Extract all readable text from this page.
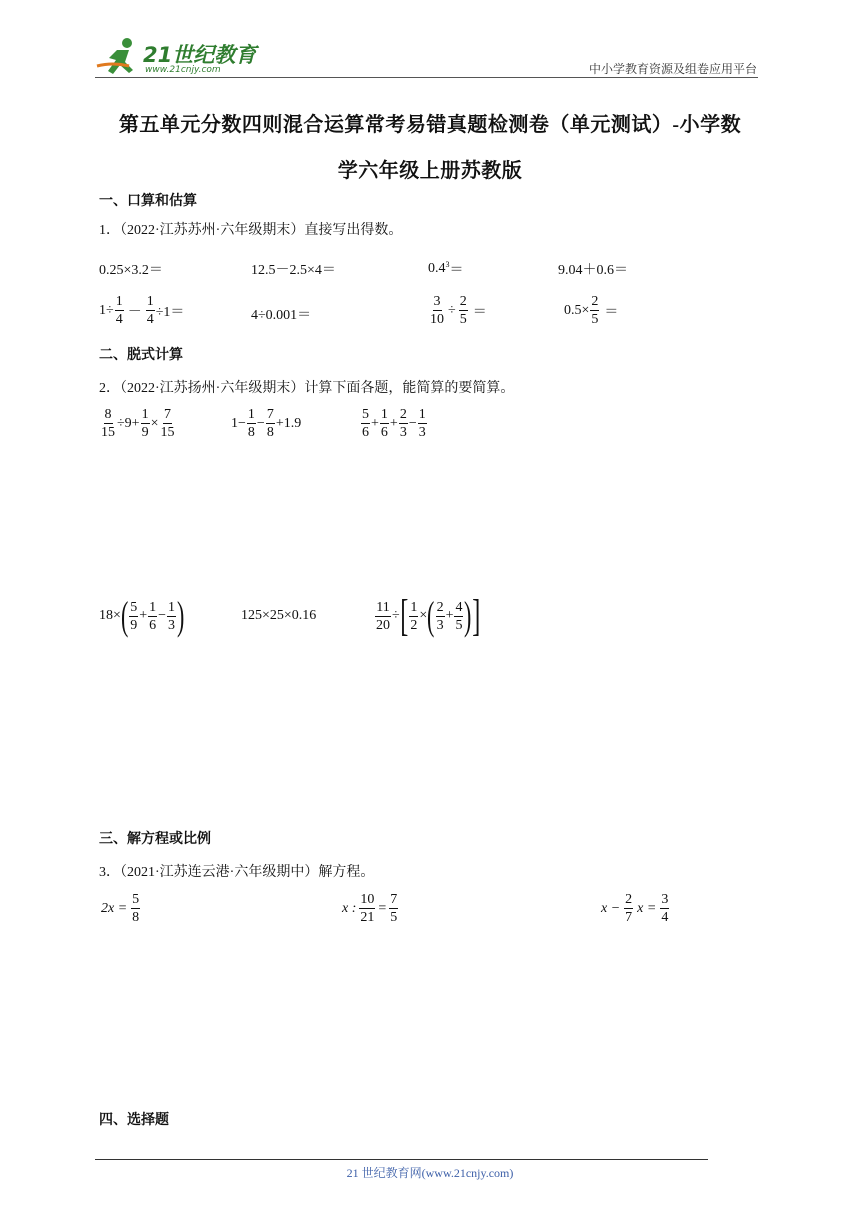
21世纪教育
www.21cnjy.com	中小学教育资源及组卷应用平台
第五单元分数四则混合运算常考易错真题检测卷（单元测试）-小学数
学六年级上册苏教版
一、口算和估算
1．（2022·江苏苏州·六年级期末）直接写出得数。
0.25×3.2＝	12.5－2.5×4＝	$0.4^3$ ＝	9.04＋0.6＝
$1\div \frac{1}{4} - \frac{1}{4} \div 1=$	4÷0.001＝	$\frac{3}{10} \div \frac{2}{5}$ ＝	$0.5\times \frac{2}{5}$ ＝
二、脱式计算
2．（2022·江苏扬州·六年级期末）计算下面各题，能简算的要简算。
$\frac{8}{15} \div 9+ \frac{1}{9} \times \frac{7}{15}$	$1- \frac{1}{8} - \frac{7}{8} +1.9$	$\frac{5}{6} + \frac{1}{6} + \frac{2}{3} - \frac{1}{3}$
18× ( $\frac{5}{9} + \frac{1}{6} - \frac{1}{3}$ )	125×25×0.16	$\frac{11}{20}$ ÷ [ $\frac{1}{2}$ × ( $\frac{2}{3} + \frac{4}{5}$ ) ]
三、解方程或比例
3．（2021·江苏连云港·六年级期中）解方程。
$2x = \frac{5}{8}$	x : $\frac{10}{21} = \frac{7}{5}$	$x - \frac{2}{7}$ $x = \frac{3}{4}$
四、选择题
21 世纪教育网(www.21cnjy.com)
